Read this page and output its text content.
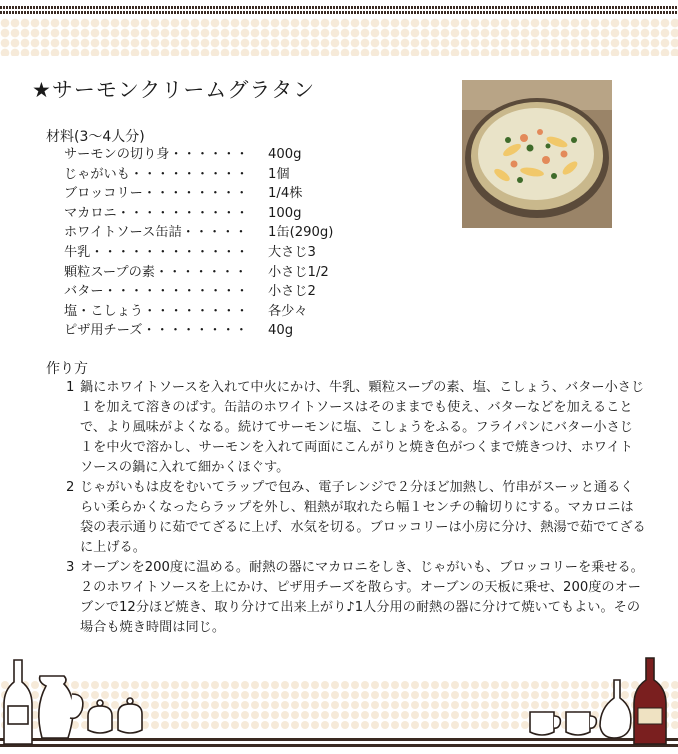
★サーモンクリームグラタン
材料(3～4人分)
サーモンの切り身・・・・・・ 400g
じゃがいも・・・・・・・・・ 1個
ブロッコリー・・・・・・・・ 1/4株
マカロニ・・・・・・・・・・ 100g
ホワイトソース缶詰・・・・・ 1缶(290g)
牛乳・・・・・・・・・・・・ 大さじ3
顆粒スープの素・・・・・・・ 小さじ1/2
バター・・・・・・・・・・・ 小さじ2
塩・こしょう・・・・・・・・ 各少々
ピザ用チーズ・・・・・・・・ 40g
作り方
1 鍋にホワイトソースを入れて中火にかけ、牛乳、顆粒スープの素、塩、こしょう、バター小さじ１を加えて溶きのばす。缶詰のホワイトソースはそのままでも使え、バターなどを加えることで、より風味がよくなる。続けてサーモンに塩、こしょうをふる。フライパンにバター小さじ１を中火で溶かし、サーモンを入れて両面にこんがりと焼き色がつくまで焼きつけ、ホワイトソースの鍋に入れて細かくほぐす。

2 じゃがいもは皮をむいてラップで包み、電子レンジで２分ほど加熱し、竹串がスーッと通るくらい柔らかくなったらラップを外し、粗熱が取れたら幅１センチの輪切りにする。マカロニは袋の表示通りに茹でてざるに上げ、水気を切る。ブロッコリーは小房に分け、熱湯で茹でてざるに上げる。

3 オーブンを200度に温める。耐熱の器にマカロニをしき、じゃがいも、ブロッコリーを乗せる。２のホワイトソースを上にかけ、ピザ用チーズを散らす。オーブンの天板に乗せ、200度のオーブンで12分ほど焼き、取り分けて出来上がり♪1人分用の耐熱の器に分けて焼いてもよい。その場合も焼き時間は同じ。
